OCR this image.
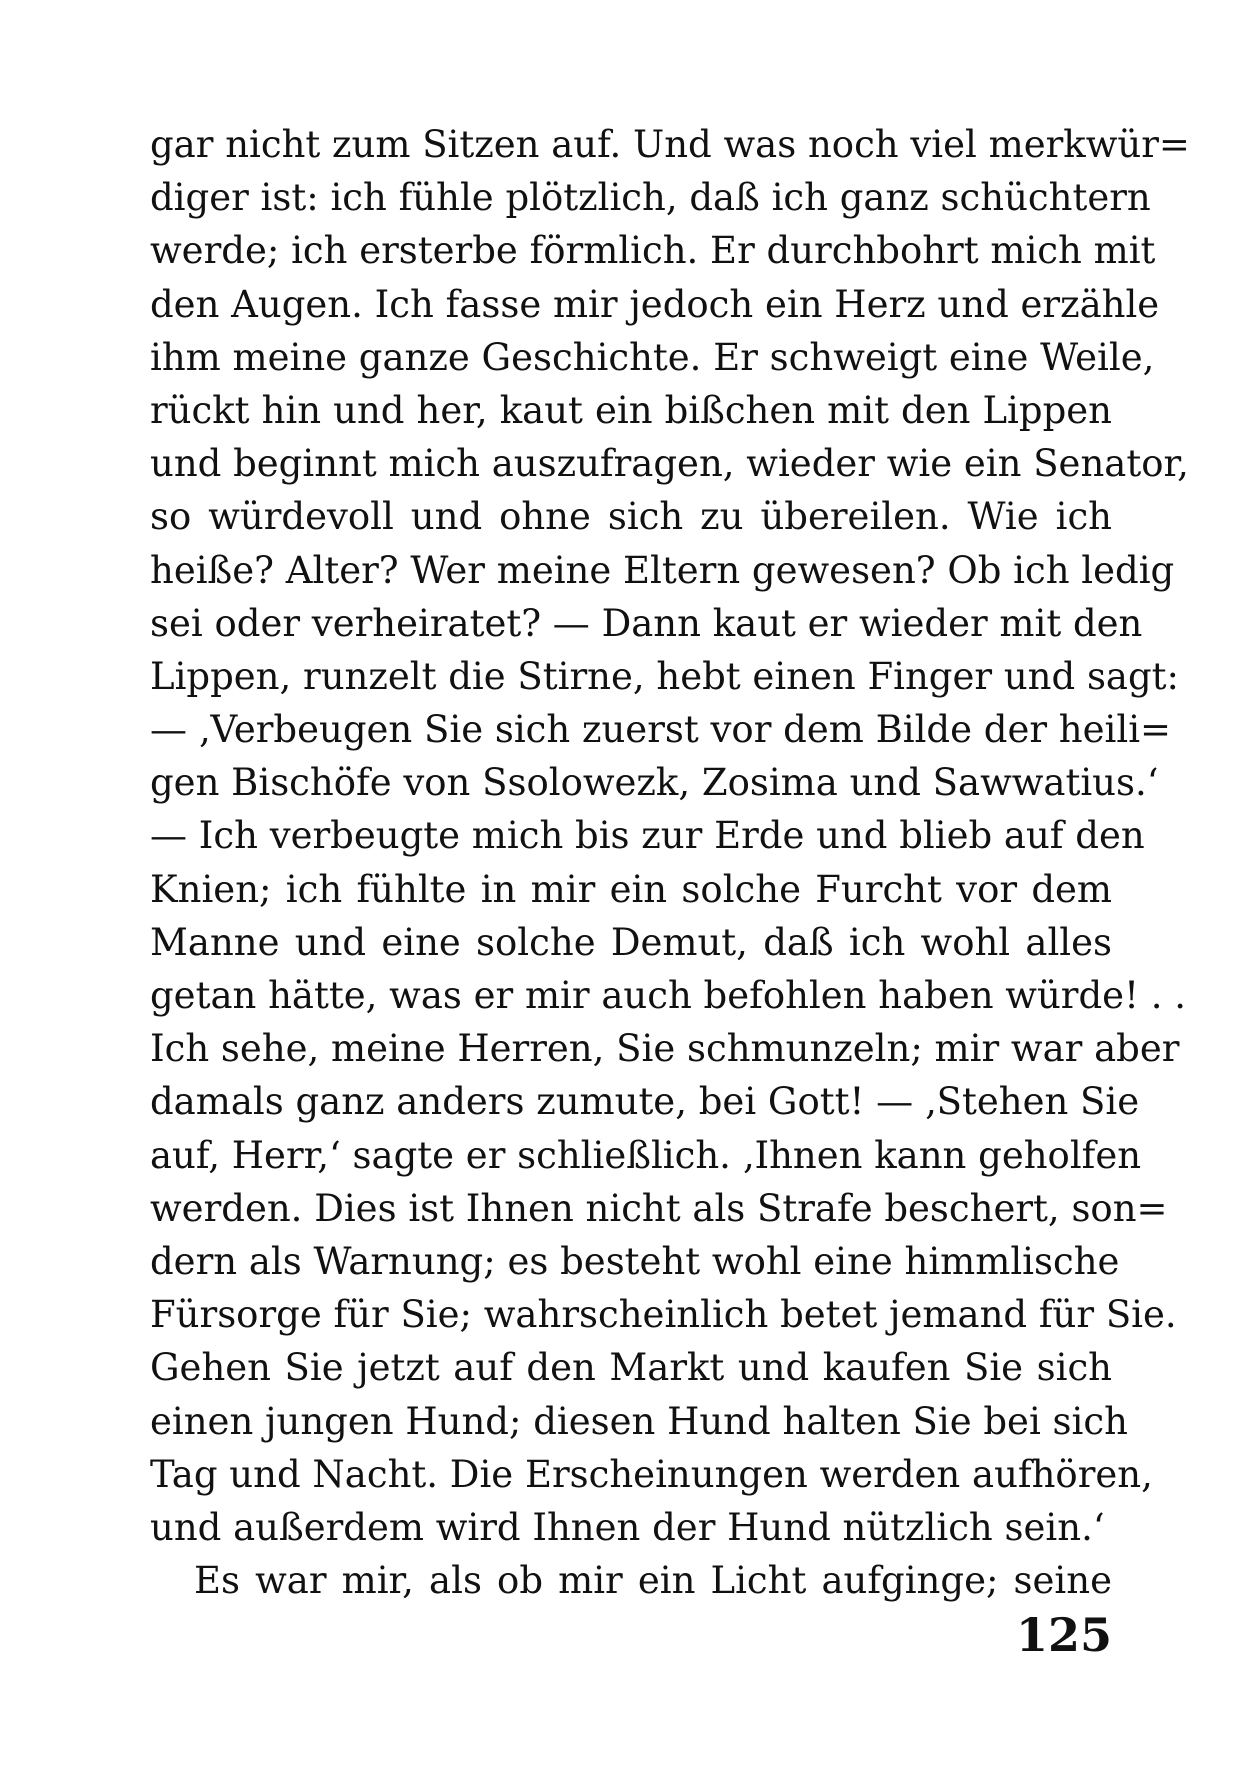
gar nicht zum Sitzen auf. Und was noch viel merkwür=
diger ist: ich fühle plötzlich, daß ich ganz schüchtern
werde; ich ersterbe förmlich. Er durchbohrt mich mit
den Augen. Ich fasse mir jedoch ein Herz und erzähle
ihm meine ganze Geschichte. Er schweigt eine Weile,
rückt hin und her, kaut ein bißchen mit den Lippen
und beginnt mich auszufragen, wieder wie ein Senator,
so würdevoll und ohne sich zu übereilen. Wie ich
heiße? Alter? Wer meine Eltern gewesen? Ob ich ledig
sei oder verheiratet? — Dann kaut er wieder mit den
Lippen, runzelt die Stirne, hebt einen Finger und sagt:
— ‚Verbeugen Sie sich zuerst vor dem Bilde der heili=
gen Bischöfe von Ssolowezk, Zosima und Sawwatius.‘
— Ich verbeugte mich bis zur Erde und blieb auf den
Knien; ich fühlte in mir ein solche Furcht vor dem
Manne und eine solche Demut, daß ich wohl alles
getan hätte, was er mir auch befohlen haben würde! . .
Ich sehe, meine Herren, Sie schmunzeln; mir war aber
damals ganz anders zumute, bei Gott! — ‚Stehen Sie
auf, Herr,‘ sagte er schließlich. ‚Ihnen kann geholfen
werden. Dies ist Ihnen nicht als Strafe beschert, son=
dern als Warnung; es besteht wohl eine himmlische
Fürsorge für Sie; wahrscheinlich betet jemand für Sie.
Gehen Sie jetzt auf den Markt und kaufen Sie sich
einen jungen Hund; diesen Hund halten Sie bei sich
Tag und Nacht. Die Erscheinungen werden aufhören,
und außerdem wird Ihnen der Hund nützlich sein.‘
Es war mir, als ob mir ein Licht aufginge; seine
125
